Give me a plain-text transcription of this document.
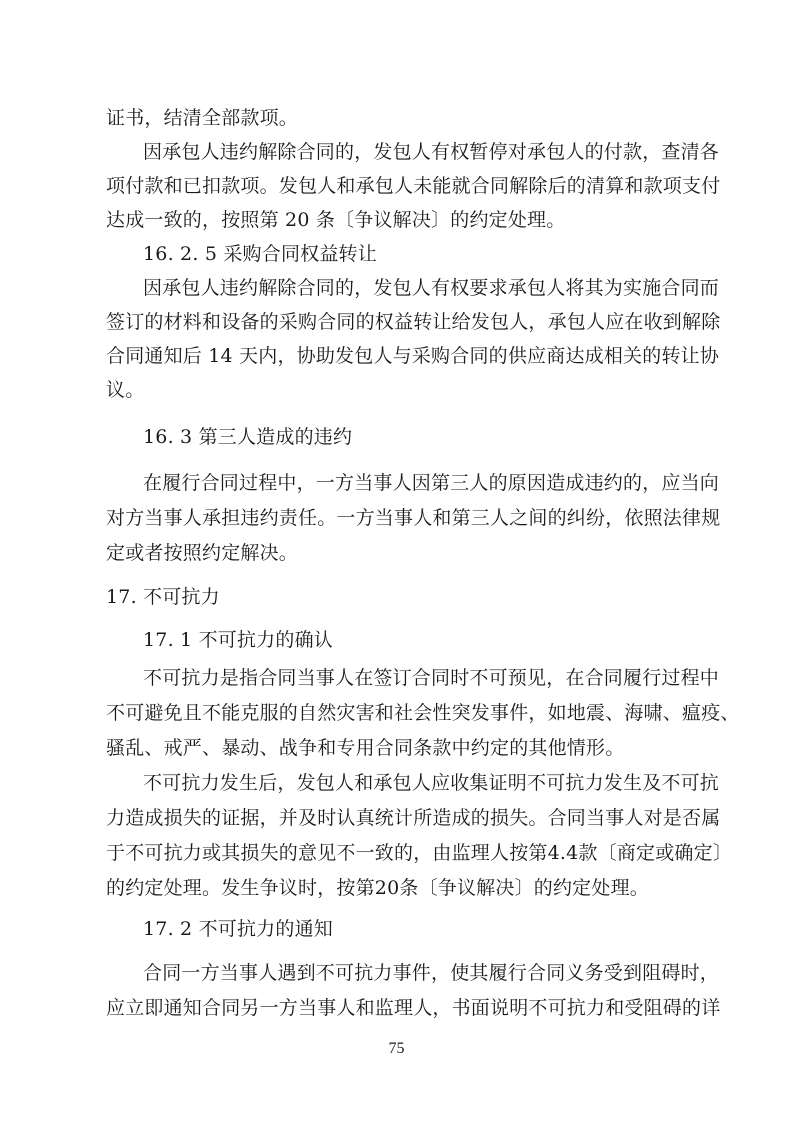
证书，结清全部款项。
因承包人违约解除合同的，发包人有权暂停对承包人的付款，查清各
项付款和已扣款项。发包人和承包人未能就合同解除后的清算和款项支付
达成一致的，按照第 20 条〔争议解决〕的约定处理。
16. 2. 5 采购合同权益转让
因承包人违约解除合同的，发包人有权要求承包人将其为实施合同而
签订的材料和设备的采购合同的权益转让给发包人，承包人应在收到解除
合同通知后 14 天内，协助发包人与采购合同的供应商达成相关的转让协
议。
16. 3 第三人造成的违约
在履行合同过程中，一方当事人因第三人的原因造成违约的，应当向
对方当事人承担违约责任。一方当事人和第三人之间的纠纷，依照法律规
定或者按照约定解决。
17. 不可抗力
17. 1 不可抗力的确认
不可抗力是指合同当事人在签订合同时不可预见，在合同履行过程中
不可避免且不能克服的自然灾害和社会性突发事件，如地震、海啸、瘟疫、
骚乱、戒严、暴动、战争和专用合同条款中约定的其他情形。
不可抗力发生后，发包人和承包人应收集证明不可抗力发生及不可抗
力造成损失的证据，并及时认真统计所造成的损失。合同当事人对是否属
于不可抗力或其损失的意见不一致的，由监理人按第4.4款〔商定或确定〕
的约定处理。发生争议时，按第20条〔争议解决〕的约定处理。
17. 2 不可抗力的通知
合同一方当事人遇到不可抗力事件，使其履行合同义务受到阻碍时，
应立即通知合同另一方当事人和监理人，书面说明不可抗力和受阻碍的详
75
